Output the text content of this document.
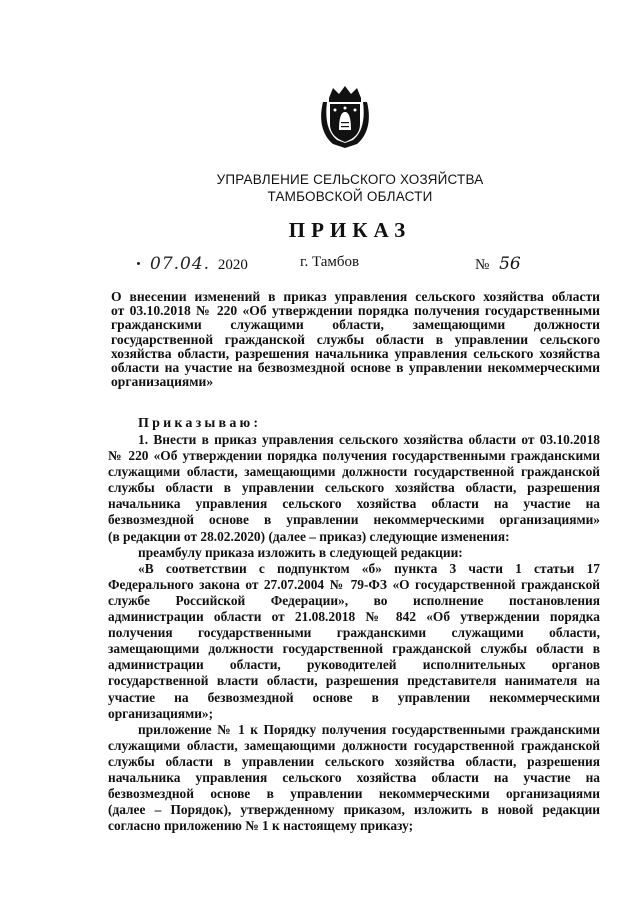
УПРАВЛЕНИЕ СЕЛЬСКОГО ХОЗЯЙСТВА
ТАМБОВСКОЙ ОБЛАСТИ
ПРИКАЗ
07.04. 2020	г. Тамбов	№ 56
О внесении изменений в приказ управления сельского хозяйства области
от 03.10.2018 № 220 «Об утверждении порядка получения государственными
гражданскими служащими области, замещающими должности
государственной гражданской службы области в управлении сельского
хозяйства области, разрешения начальника управления сельского хозяйства
области на участие на безвозмездной основе в управлении некоммерческими
организациями»
Приказываю:
1. Внести в приказ управления сельского хозяйства области от 03.10.2018
№ 220 «Об утверждении порядка получения государственными гражданскими
служащими области, замещающими должности государственной гражданской
службы области в управлении сельского хозяйства области, разрешения
начальника управления сельского хозяйства области на участие на
безвозмездной основе в управлении некоммерческими организациями»
(в редакции от 28.02.2020) (далее – приказ) следующие изменения:
преамбулу приказа изложить в следующей редакции:
«В соответствии с подпунктом «б» пункта 3 части 1 статьи 17
Федерального закона от 27.07.2004 № 79-ФЗ «О государственной гражданской
службе Российской Федерации», во исполнение постановления
администрации области от 21.08.2018 № 842 «Об утверждении порядка
получения государственными гражданскими служащими области,
замещающими должности государственной гражданской службы области в
администрации области, руководителей исполнительных органов
государственной власти области, разрешения представителя нанимателя на
участие на безвозмездной основе в управлении некоммерческими
организациями»;
приложение № 1 к Порядку получения государственными гражданскими
служащими области, замещающими должности государственной гражданской
службы области в управлении сельского хозяйства области, разрешения
начальника управления сельского хозяйства области на участие на
безвозмездной основе в управлении некоммерческими организациями
(далее – Порядок), утвержденному приказом, изложить в новой редакции
согласно приложению № 1 к настоящему приказу;
